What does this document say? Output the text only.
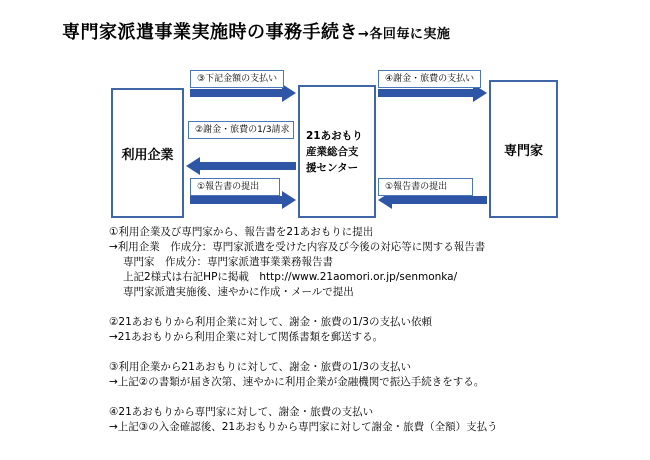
専門家派遣事業実施時の事務手続き→各回毎に実施
③下記金額の支払い
②謝金・旅費の1/3請求
①報告書の提出
④謝金・旅費の支払い
①報告書の提出
利用企業
21あおもり産業総合支援センター
専門家

①利用企業及び専門家から、報告書を21あおもりに提出

→利用企業　作成分：専門家派遣を受けた内容及び今後の対応等に関する報告書

専門家　作成分：専門家派遣事業業務報告書

上記2様式は右記HPに掲載　http://www.21aomori.or.jp/senmonka/

専門家派遣実施後、速やかに作成・メールで提出

②21あおもりから利用企業に対して、謝金・旅費の1/3の支払い依頼

→21あおもりから利用企業に対して関係書類を郵送する。

③利用企業から21あおもりに対して、謝金・旅費の1/3の支払い

→上記②の書類が届き次第、速やかに利用企業が金融機関で振込手続きをする。

④21あおもりから専門家に対して、謝金・旅費の支払い

→上記③の入金確認後、21あおもりから専門家に対して謝金・旅費（全額）支払う
